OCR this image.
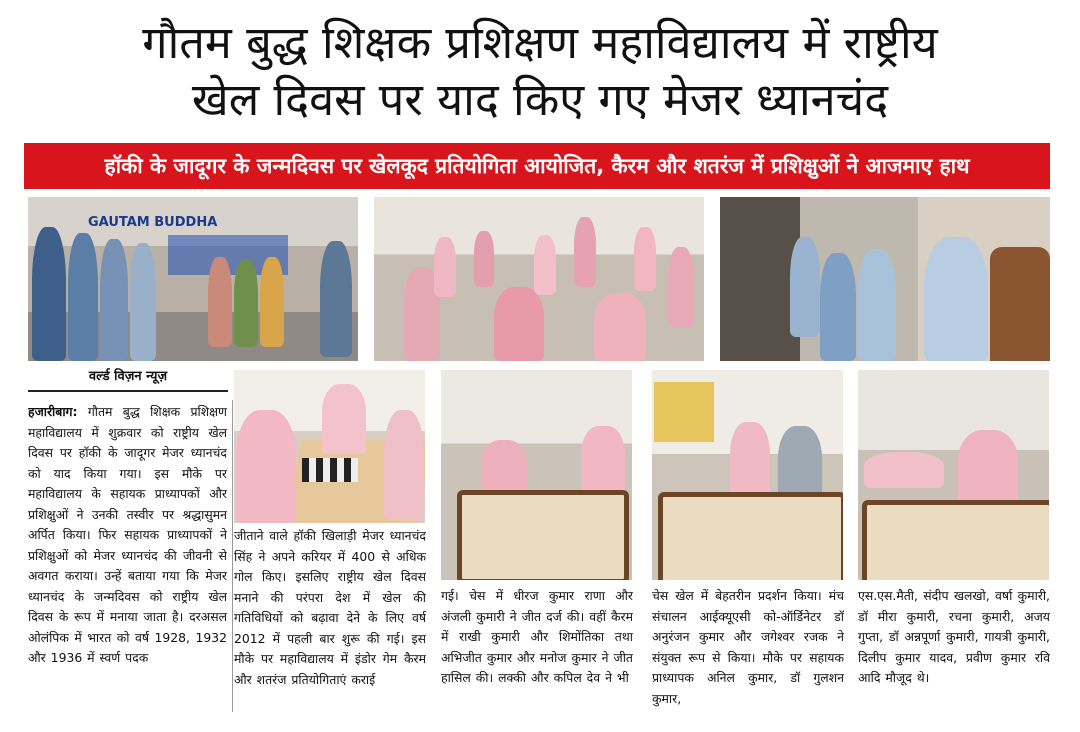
गौतम बुद्ध शिक्षक प्रशिक्षण महाविद्यालय में राष्ट्रीय
खेल दिवस पर याद किए गए मेजर ध्यानचंद
हॉकी के जादूगर के जन्मदिवस पर खेलकूद प्रतियोगिता आयोजित, कैरम और शतरंज में प्रशिक्षुओं ने आजमाए हाथ
GAUTAM BUDDHA
वर्ल्ड विज़न न्यूज़
हजारीबाग: गौतम बुद्ध शिक्षक प्रशिक्षण महाविद्यालय में शुक्रवार को राष्ट्रीय खेल दिवस पर हॉकी के जादूगर मेजर ध्यानचंद को याद किया गया। इस मौके पर महाविद्यालय के सहायक प्राध्यापकों और प्रशिक्षुओं ने उनकी तस्वीर पर श्रद्धासुमन अर्पित किया। फिर सहायक प्राध्यापकों ने प्रशिक्षुओं को मेजर ध्यानचंद की जीवनी से अवगत कराया। उन्हें बताया गया कि मेजर ध्यानचंद के जन्मदिवस को राष्ट्रीय खेल दिवस के रूप में मनाया जाता है। दरअसल ओलंपिक में भारत को वर्ष 1928, 1932 और 1936 में स्वर्ण पदक
जीताने वाले हॉकी खिलाड़ी मेजर ध्यानचंद सिंह ने अपने करियर में 400 से अधिक गोल किए। इसलिए राष्ट्रीय खेल दिवस मनाने की परंपरा देश में खेल की गतिविधियों को बढ़ावा देने के लिए वर्ष 2012 में पहली बार शुरू की गई। इस मौके पर महाविद्यालय में इंडोर गेम कैरम और शतरंज प्रतियोगिताएं कराई
गई। चेस में धीरज कुमार राणा और अंजली कुमारी ने जीत दर्ज की। वहीं कैरम में राखी कुमारी और शिमोंतिका तथा अभिजीत कुमार और मनोज कुमार ने जीत हासिल की। लक्की और कपिल देव ने भी
चेस खेल में बेहतरीन प्रदर्शन किया। मंच संचालन आईक्यूएसी को-ऑर्डिनेटर डॉ अनुरंजन कुमार और जगेश्वर रजक ने संयुक्त रूप से किया। मौके पर सहायक प्राध्यापक अनिल कुमार, डॉ गुलशन कुमार,
एस.एस.मैती, संदीप खलखो, वर्षा कुमारी, डॉ मीरा कुमारी, रचना कुमारी, अजय गुप्ता, डॉ अन्नपूर्णा कुमारी, गायत्री कुमारी, दिलीप कुमार यादव, प्रवीण कुमार रवि आदि मौजूद थे।
